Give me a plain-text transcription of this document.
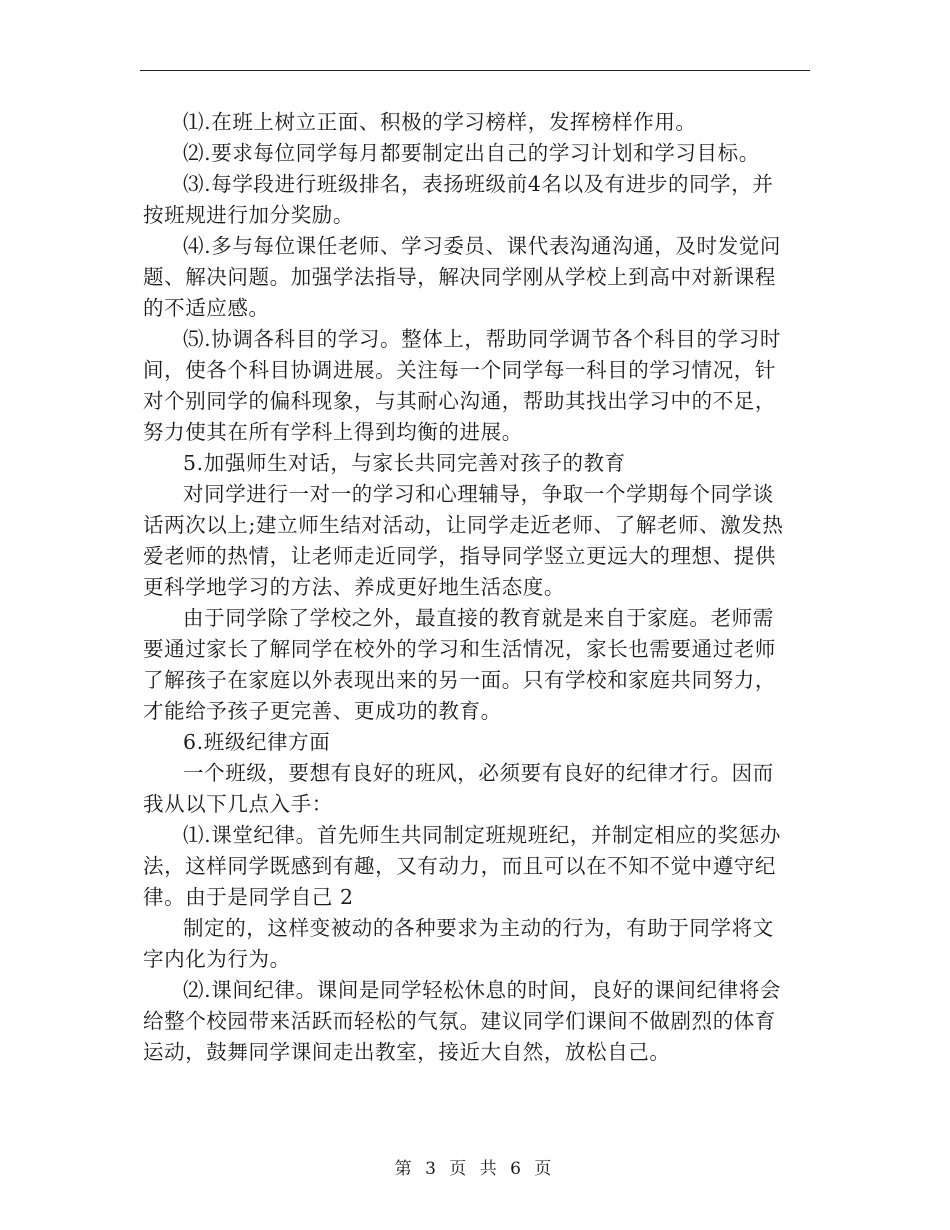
⑴.在班上树立正面、积极的学习榜样，发挥榜样作用。
⑵.要求每位同学每月都要制定出自己的学习计划和学习目标。
⑶.每学段进行班级排名，表扬班级前4名以及有进步的同学，并
按班规进行加分奖励。
⑷.多与每位课任老师、学习委员、课代表沟通沟通，及时发觉问
题、解决问题。加强学法指导，解决同学刚从学校上到高中对新课程
的不适应感。
⑸.协调各科目的学习。整体上，帮助同学调节各个科目的学习时
间，使各个科目协调进展。关注每一个同学每一科目的学习情况，针
对个别同学的偏科现象，与其耐心沟通，帮助其找出学习中的不足，
努力使其在所有学科上得到均衡的进展。
5.加强师生对话，与家长共同完善对孩子的教育
对同学进行一对一的学习和心理辅导，争取一个学期每个同学谈
话两次以上;建立师生结对活动，让同学走近老师、了解老师、激发热
爱老师的热情，让老师走近同学，指导同学竖立更远大的理想、提供
更科学地学习的方法、养成更好地生活态度。
由于同学除了学校之外，最直接的教育就是来自于家庭。老师需
要通过家长了解同学在校外的学习和生活情况，家长也需要通过老师
了解孩子在家庭以外表现出来的另一面。只有学校和家庭共同努力，
才能给予孩子更完善、更成功的教育。
6.班级纪律方面
一个班级，要想有良好的班风，必须要有良好的纪律才行。因而
我从以下几点入手：
⑴.课堂纪律。首先师生共同制定班规班纪，并制定相应的奖惩办
法，这样同学既感到有趣，又有动力，而且可以在不知不觉中遵守纪
律。由于是同学自己 2
制定的，这样变被动的各种要求为主动的行为，有助于同学将文
字内化为行为。
⑵.课间纪律。课间是同学轻松休息的时间，良好的课间纪律将会
给整个校园带来活跃而轻松的气氛。建议同学们课间不做剧烈的体育
运动，鼓舞同学课间走出教室，接近大自然，放松自己。
第 3 页 共 6 页
